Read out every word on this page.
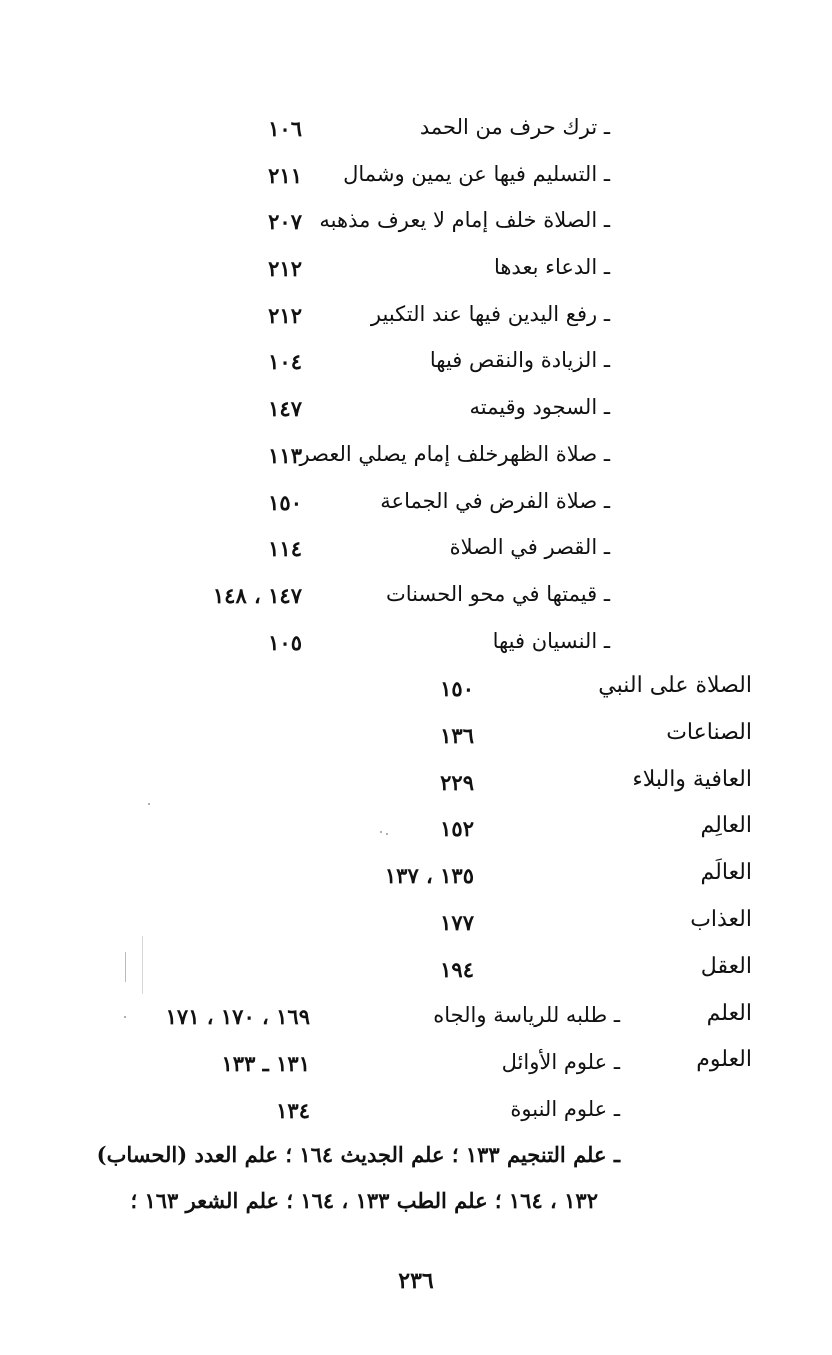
ـ ترك حرف من الحمد
١٠٦
ـ التسليم فيها عن يمين وشمال
٢١١
ـ الصلاة خلف إمام لا يعرف مذهبه
٢٠٧
ـ الدعاء بعدها
٢١٢
ـ رفع اليدين فيها عند التكبير
٢١٢
ـ الزيادة والنقص فيها
١٠٤
ـ السجود وقيمته
١٤٧
ـ صلاة الظهرخلف إمام يصلي العصر
١١٣
ـ صلاة الفرض في الجماعة
١٥٠
ـ القصر في الصلاة
١١٤
ـ قيمتها في محو الحسنات
١٤٧ ، ١٤٨
ـ النسيان فيها
١٠٥
الصلاة على النبي
١٥٠
الصناعات
١٣٦
العافية والبلاء
٢٢٩
العالِم
١٥٢
العالَم
١٣٥ ، ١٣٧
العذاب
١٧٧
العقل
١٩٤
العلم
ـ طلبه للرياسة والجاه
١٦٩ ، ١٧٠ ، ١٧١
العلوم
ـ علوم الأوائل
١٣١ ـ ١٣٣
ـ علوم النبوة
١٣٤
ـ علم التنجيم ١٣٣ ؛ علم الجديث ١٦٤ ؛ علم العدد (الحساب)
١٣٢ ، ١٦٤ ؛ علم الطب ١٣٣ ، ١٦٤ ؛ علم الشعر ١٦٣ ؛
٢٣٦
